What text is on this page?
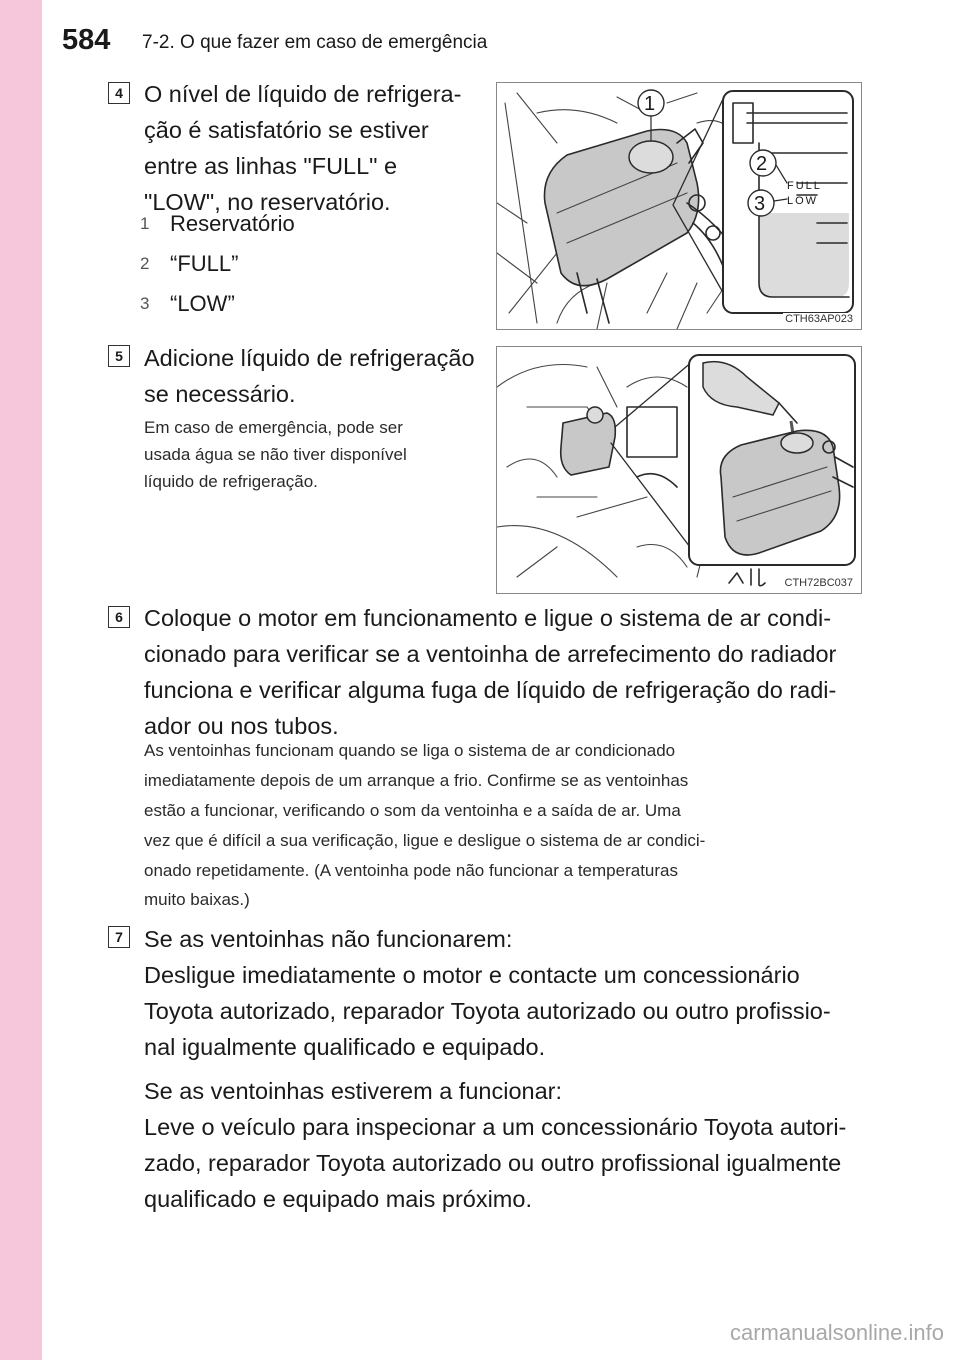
584 7-2. O que fazer em caso de emergência
4 O nível de líquido de refrigera-
ção é satisfatório se estiver
entre as linhas "FULL" e
"LOW", no reservatório.
1 Reservatório
2 “FULL”
3 “LOW”
FULL
LOW
1
2
3
CTH63AP023
5 Adicione líquido de refrigeração
se necessário.
Em caso de emergência, pode ser
usada água se não tiver disponível
líquido de refrigeração.
CTH72BC037
6 Coloque o motor em funcionamento e ligue o sistema de ar condi-
cionado para verificar se a ventoinha de arrefecimento do radiador
funciona e verificar alguma fuga de líquido de refrigeração do radi-
ador ou nos tubos.
As ventoinhas funcionam quando se liga o sistema de ar condicionado
imediatamente depois de um arranque a frio. Confirme se as ventoinhas
estão a funcionar, verificando o som da ventoinha e a saída de ar. Uma
vez que é difícil a sua verificação, ligue e desligue o sistema de ar condici-
onado repetidamente. (A ventoinha pode não funcionar a temperaturas
muito baixas.)
7 Se as ventoinhas não funcionarem:
Desligue imediatamente o motor e contacte um concessionário
Toyota autorizado, reparador Toyota autorizado ou outro profissio-
nal igualmente qualificado e equipado.
Se as ventoinhas estiverem a funcionar:
Leve o veículo para inspecionar a um concessionário Toyota autori-
zado, reparador Toyota autorizado ou outro profissional igualmente
qualificado e equipado mais próximo.
carmanualsonline.info
